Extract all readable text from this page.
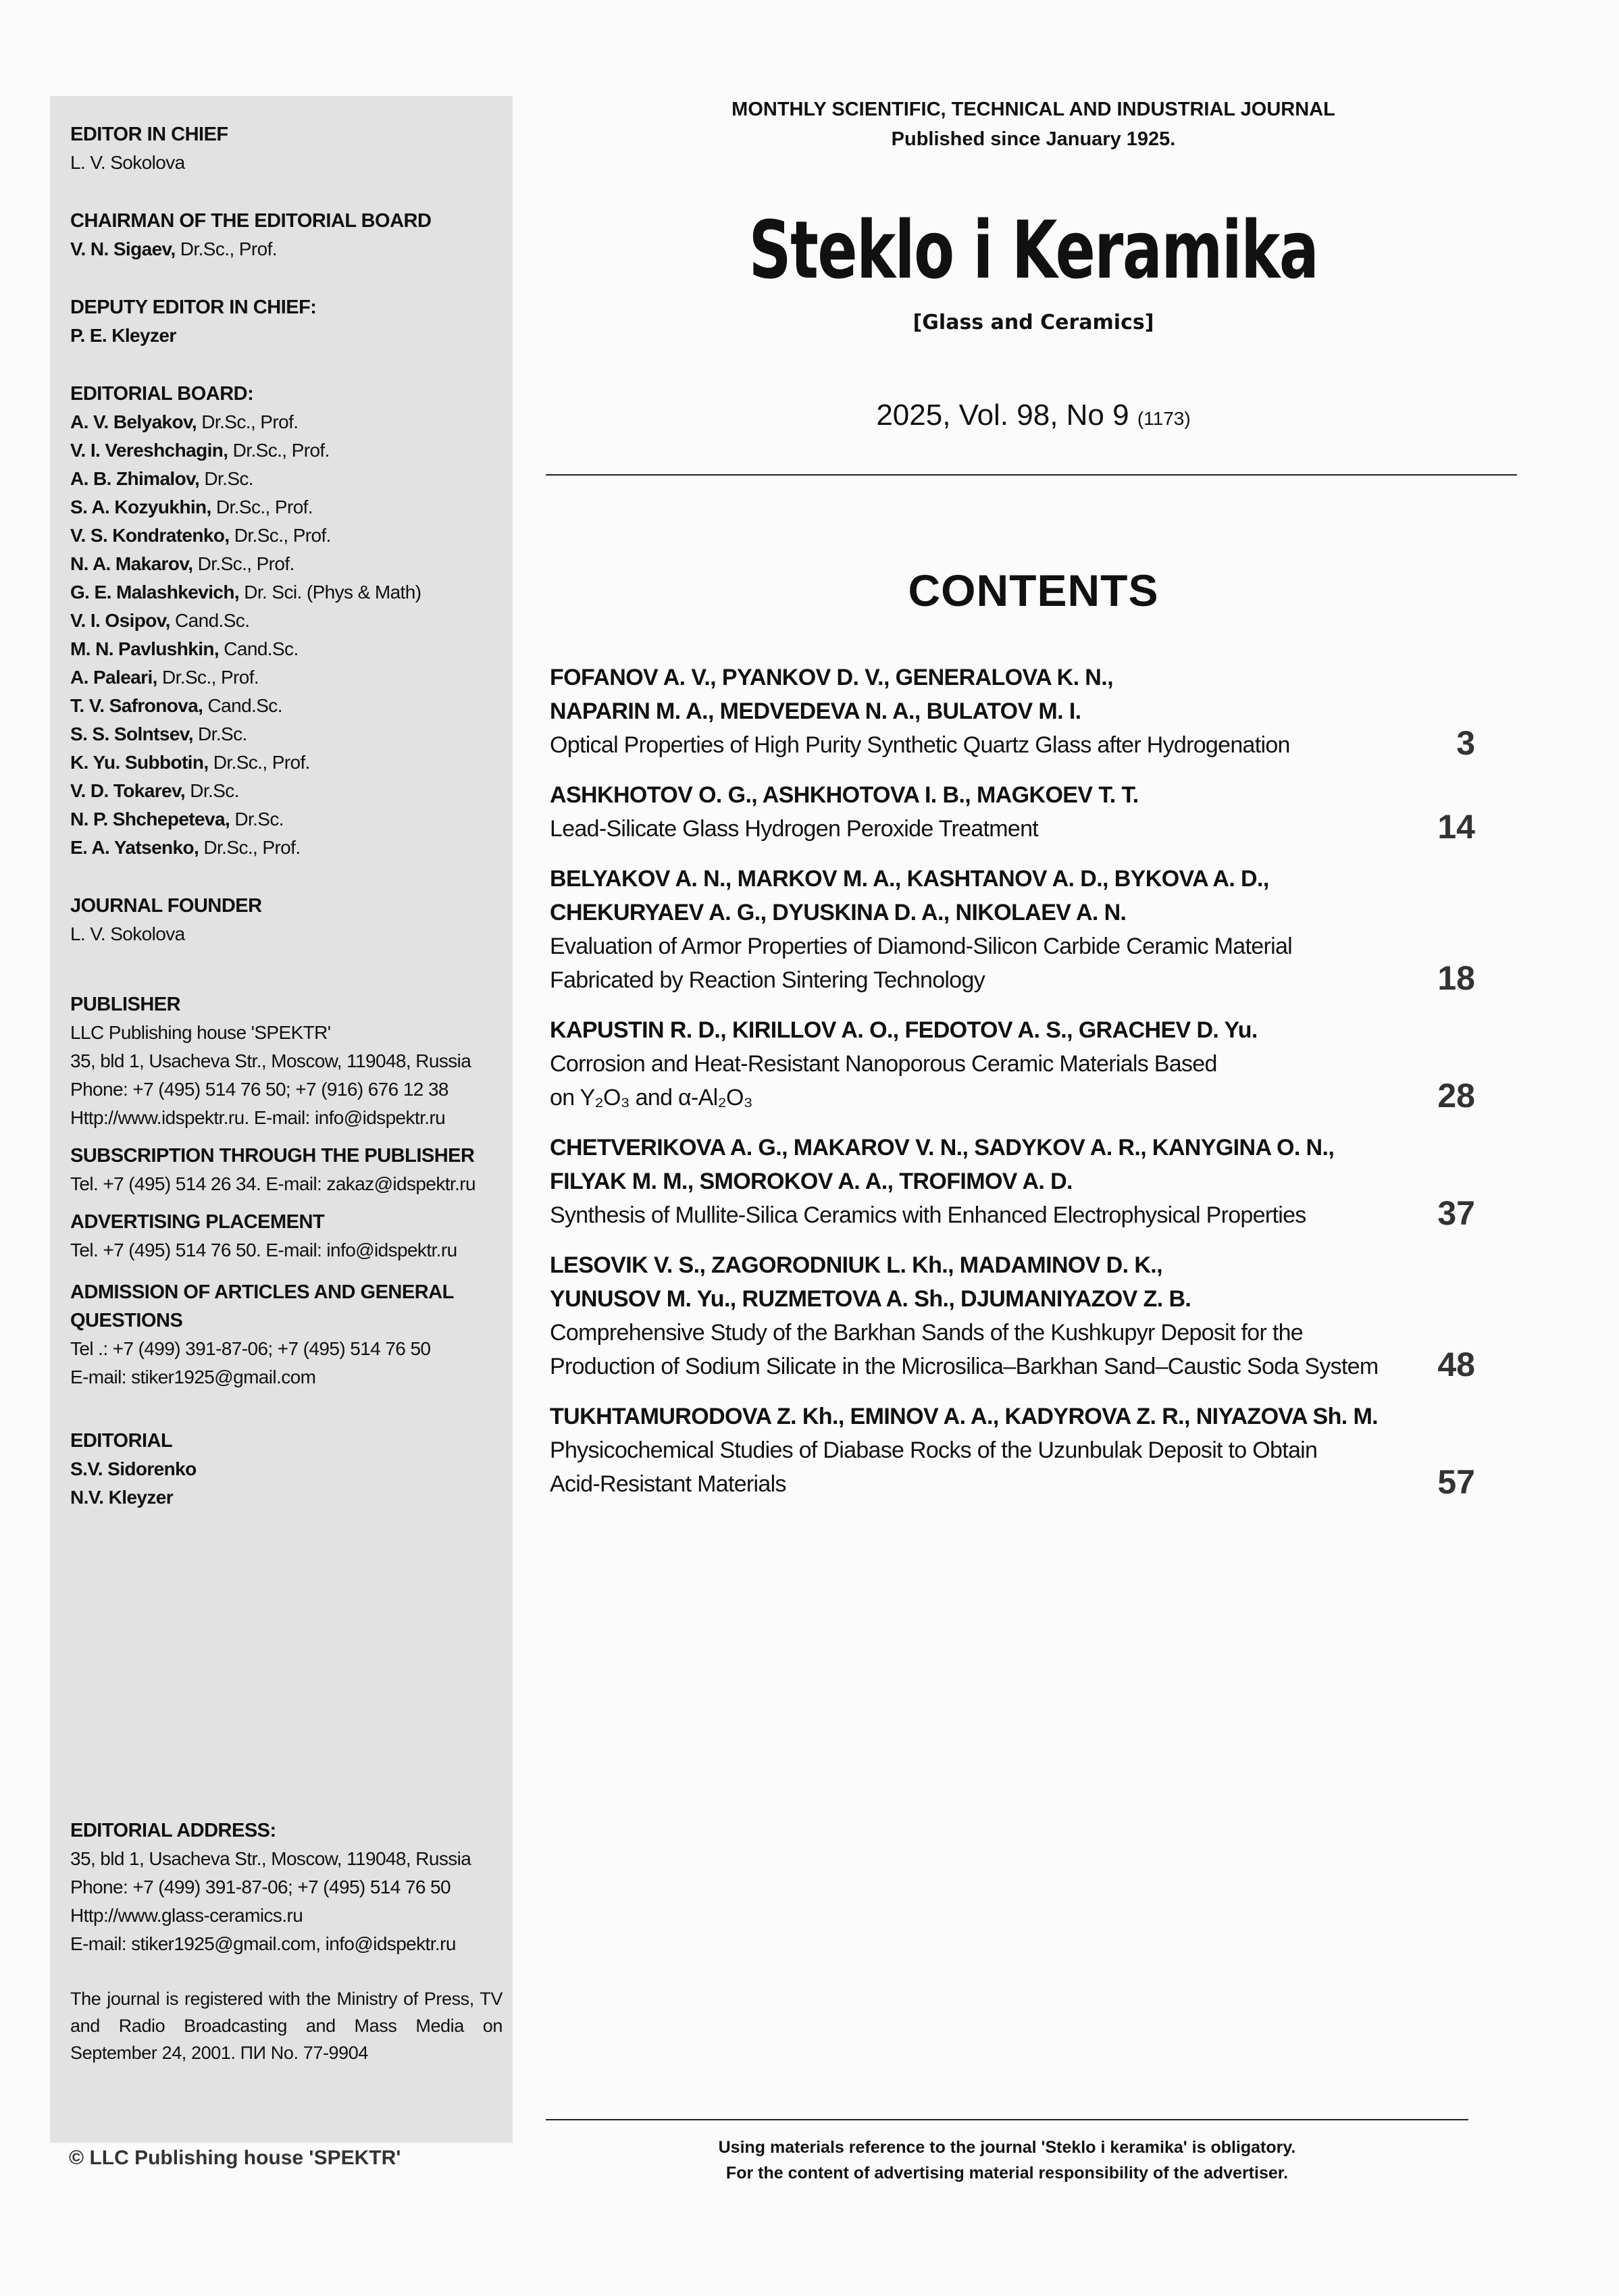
EDITOR IN CHIEF
L. V. Sokolova
CHAIRMAN OF THE EDITORIAL BOARD
V. N. Sigaev, Dr.Sc., Prof.
DEPUTY EDITOR IN CHIEF:
P. E. Kleyzer
EDITORIAL BOARD:
A. V. Belyakov, Dr.Sc., Prof.
V. I. Vereshchagin, Dr.Sc., Prof.
A. B. Zhimalov, Dr.Sc.
S. A. Kozyukhin, Dr.Sc., Prof.
V. S. Kondratenko, Dr.Sc., Prof.
N. A. Makarov, Dr.Sc., Prof.
G. E. Malashkevich, Dr. Sci. (Phys & Math)
V. I. Osipov, Cand.Sc.
M. N. Pavlushkin, Cand.Sc.
A. Paleari, Dr.Sc., Prof.
T. V. Safronova, Cand.Sc.
S. S. Solntsev, Dr.Sc.
K. Yu. Subbotin, Dr.Sc., Prof.
V. D. Tokarev, Dr.Sc.
N. P. Shchepeteva, Dr.Sc.
E. A. Yatsenko, Dr.Sc., Prof.
JOURNAL FOUNDER
L. V. Sokolova
PUBLISHER
LLC Publishing house 'SPEKTR'
35, bld 1, Usacheva Str., Moscow, 119048, Russia
Phone: +7 (495) 514 76 50; +7 (916) 676 12 38
Http://www.idspektr.ru. E-mail: info@idspektr.ru
SUBSCRIPTION THROUGH THE PUBLISHER
Tel. +7 (495) 514 26 34. E-mail: zakaz@idspektr.ru
ADVERTISING PLACEMENT
Tel. +7 (495) 514 76 50. E-mail: info@idspektr.ru
ADMISSION OF ARTICLES AND GENERAL
QUESTIONS
Tel .: +7 (499) 391-87-06; +7 (495) 514 76 50
E-mail: stiker1925@gmail.com
EDITORIAL
S.V. Sidorenko
N.V. Kleyzer
EDITORIAL ADDRESS:
35, bld 1, Usacheva Str., Moscow, 119048, Russia
Phone: +7 (499) 391-87-06; +7 (495) 514 76 50
Http://www.glass-ceramics.ru
E-mail: stiker1925@gmail.com, info@idspektr.ru
The journal is registered with the Ministry of Press, TV and Radio Broadcasting and Mass Media on September 24, 2001. ПИ No. 77-9904
© LLC Publishing house 'SPEKTR'
MONTHLY SCIENTIFIC, TECHNICAL AND INDUSTRIAL JOURNAL
Published since January 1925.
Steklo i Keramika
[Glass and Ceramics]
2025, Vol. 98, No 9 (1173)
CONTENTS
FOFANOV A. V., PYANKOV D. V., GENERALOVA K. N.,
NAPARIN M. A., MEDVEDEVA N. A., BULATOV M. I.
Optical Properties of High Purity Synthetic Quartz Glass after Hydrogenation	3
ASHKHOTOV O. G., ASHKHOTOVA I. B., MAGKOEV T. T.
Lead-Silicate Glass Hydrogen Peroxide Treatment	14
BELYAKOV A. N., MARKOV M. A., KASHTANOV A. D., BYKOVA A. D.,
CHEKURYAEV A. G., DYUSKINA D. A., NIKOLAEV A. N.
Evaluation of Armor Properties of Diamond-Silicon Carbide Ceramic Material
Fabricated by Reaction Sintering Technology	18
KAPUSTIN R. D., KIRILLOV A. O., FEDOTOV A. S., GRACHEV D. Yu.
Corrosion and Heat-Resistant Nanoporous Ceramic Materials Based
on Y₂O₃ and α-Al₂O₃	28
CHETVERIKOVA A. G., MAKAROV V. N., SADYKOV A. R., KANYGINA O. N.,
FILYAK M. M., SMOROKOV A. A., TROFIMOV A. D.
Synthesis of Mullite-Silica Ceramics with Enhanced Electrophysical Properties	37
LESOVIK V. S., ZAGORODNIUK L. Kh., MADAMINOV D. K.,
YUNUSOV M. Yu., RUZMETOVA A. Sh., DJUMANIYAZOV Z. B.
Comprehensive Study of the Barkhan Sands of the Kushkupyr Deposit for the
Production of Sodium Silicate in the Microsilica–Barkhan Sand–Caustic Soda System 48
TUKHTAMURODOVA Z. Kh., EMINOV A. A., KADYROVA Z. R., NIYAZOVA Sh. M.
Physicochemical Studies of Diabase Rocks of the Uzunbulak Deposit to Obtain
Acid-Resistant Materials	57
Using materials reference to the journal 'Steklo i keramika' is obligatory.
For the content of advertising material responsibility of the advertiser.
